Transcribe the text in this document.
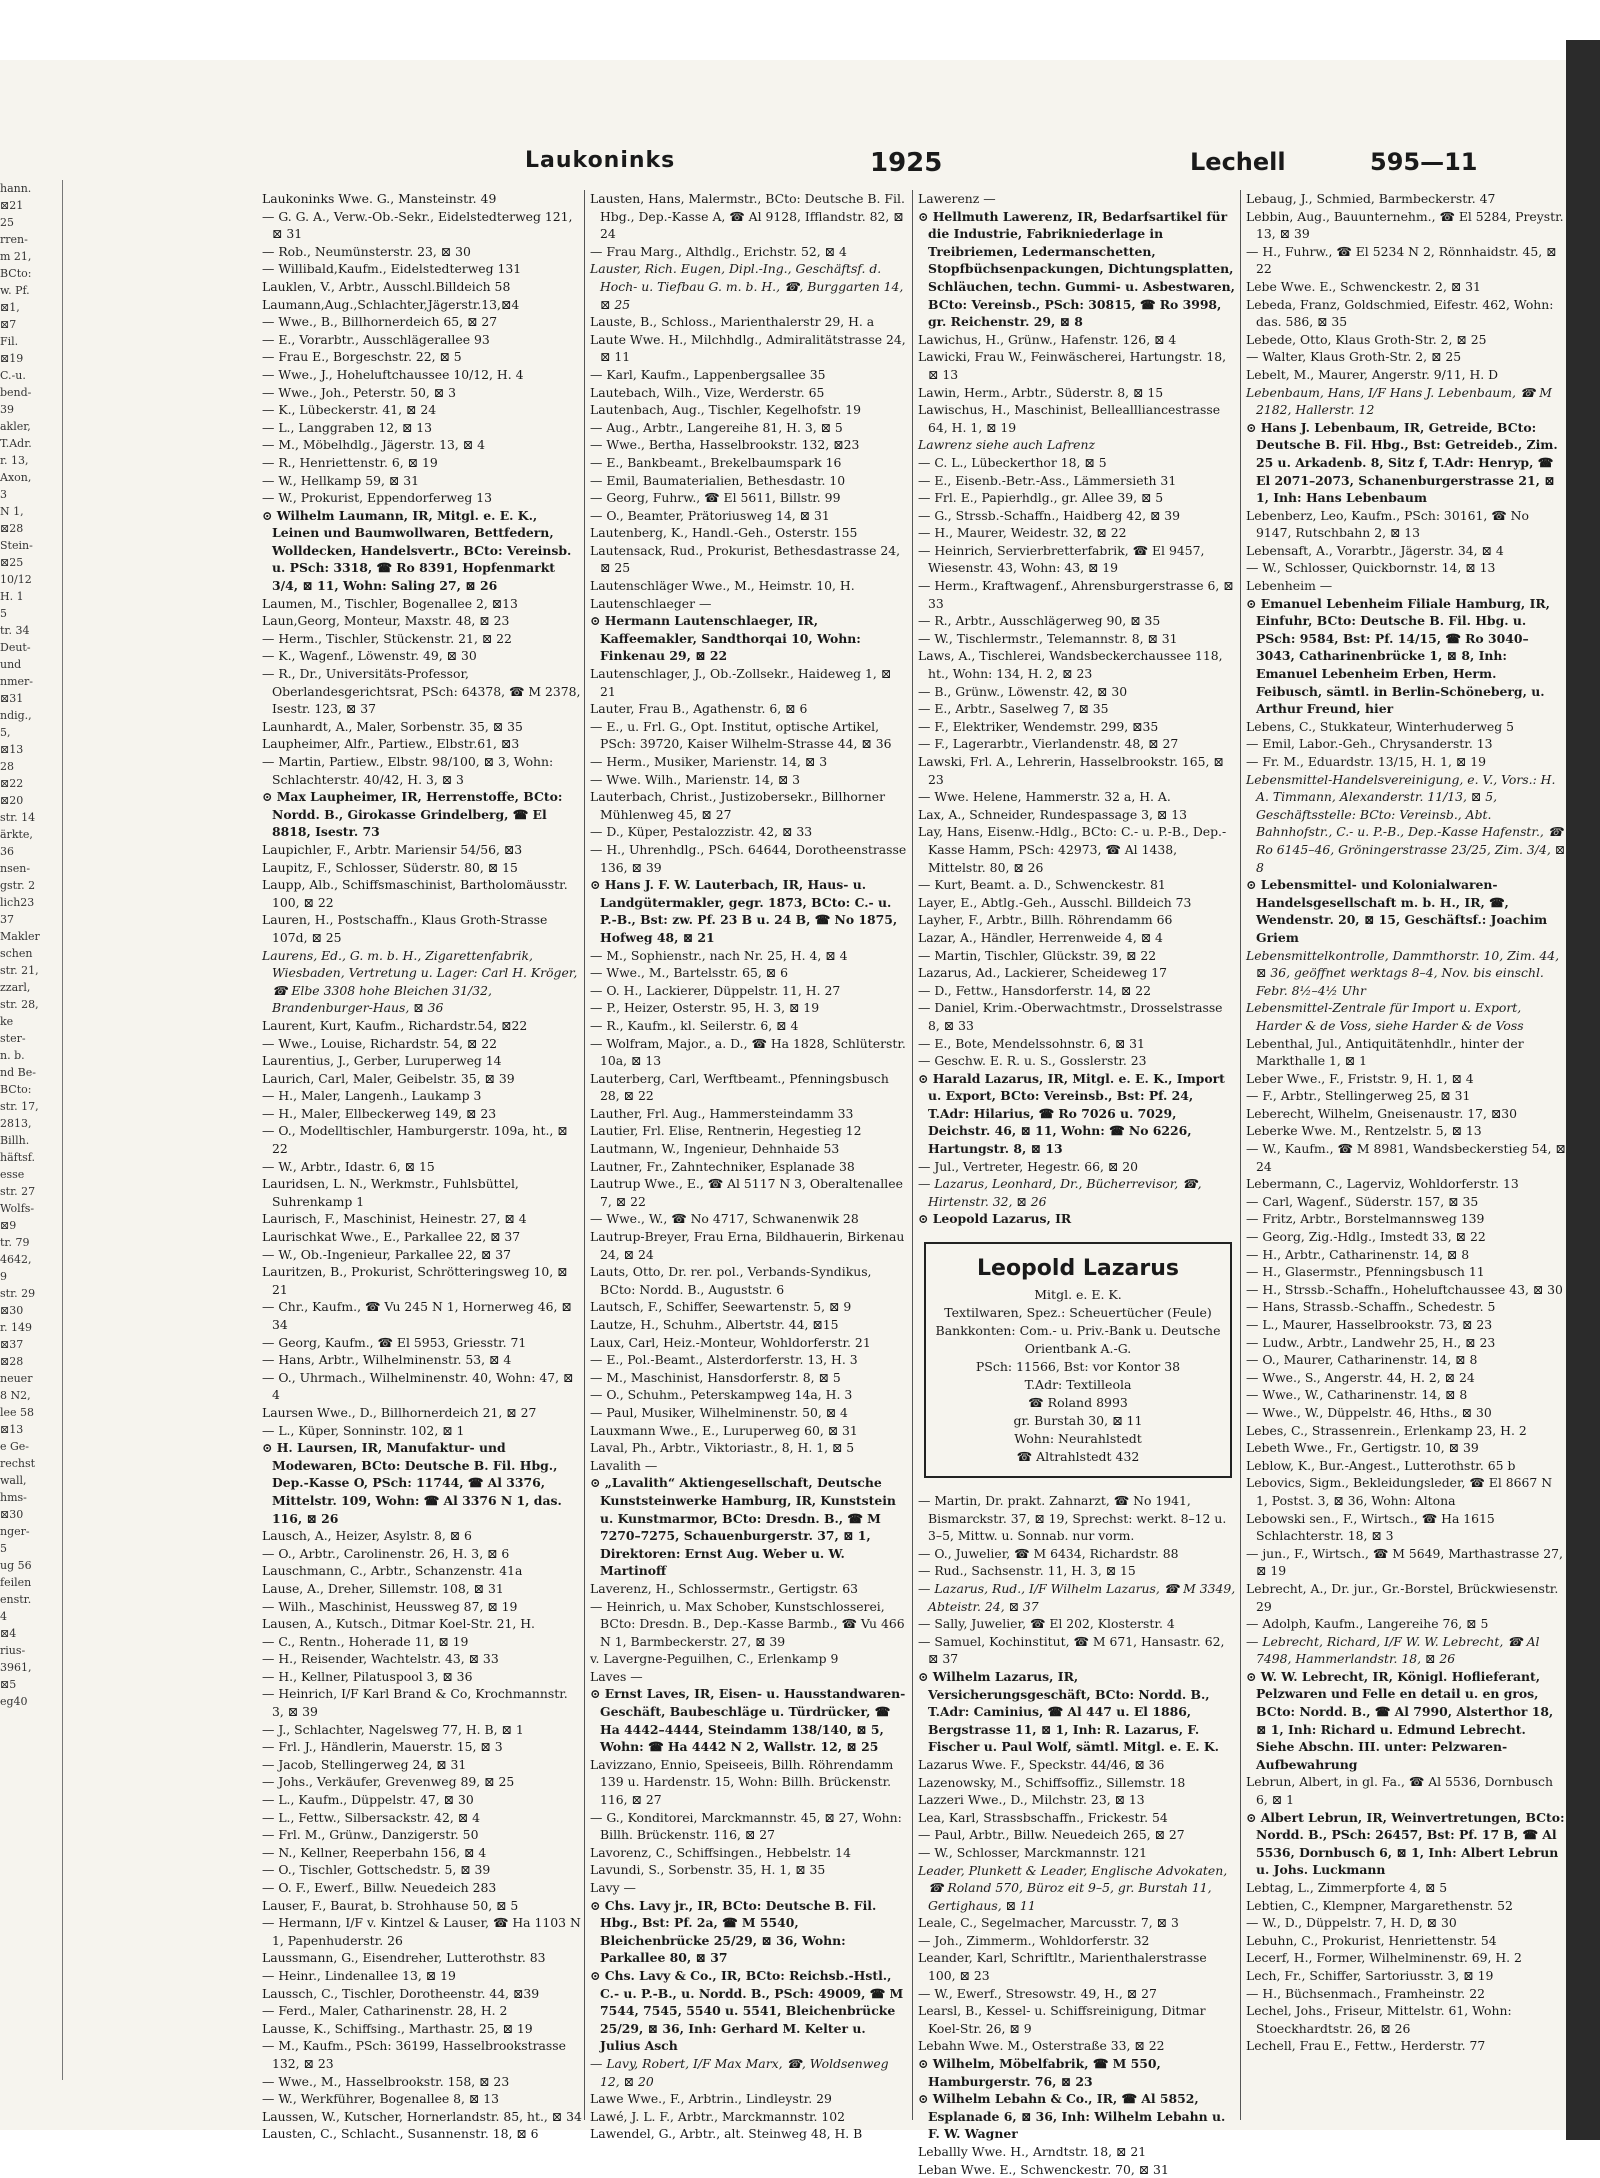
hann.
⊠21
25
rren-
m 21,
BCto:
w. Pf.
⊠1,
⊠7
Fil.
⊠19
C.-u.
bend-
39
akler,
T.Adr.
r. 13,
Axon,
3
N 1,
⊠28
Stein-
⊠25
10/12
H. 1
5
tr. 34
Deut-
und
nmer-
⊠31
ndig.,
5,
⊠13
28
⊠22
⊠20
str. 14
ärkte,
36
nsen-
gstr. 2
lich23
37
Makler
schen
str. 21,
zzarl,
str. 28,
ke
ster-
n. b.
nd Be-
BCto:
str. 17,
2813,
Billh.
häftsf.
esse
str. 27
Wolfs-
⊠9
tr. 79
4642,
9
str. 29
⊠30
r. 149
⊠37
⊠28
neuer
8 N2,
lee 58
⊠13
e Ge-
rechst
wall,
hms-
⊠30
nger-
5
ug 56
feilen
enstr.
4
⊠4
rius-
3961,
⊠5
eg40
Laukoninks	1925	Lechell	595—11

Laukoninks Wwe. G., Mansteinstr. 49

— G. G. A., Verw.-Ob.-Sekr., Eidelstedterweg 121, ⊠ 31

— Rob., Neumünsterstr. 23, ⊠ 30

— Willibald,Kaufm., Eidelstedterweg 131

Lauklen, V., Arbtr., Ausschl.Billdeich 58

Laumann,Aug.,Schlachter,Jägerstr.13,⊠4

— Wwe., B., Billhornerdeich 65, ⊠ 27

— E., Vorarbtr., Ausschlägerallee 93

— Frau E., Borgeschstr. 22, ⊠ 5

— Wwe., J., Hoheluftchaussee 10/12, H. 4

— Wwe., Joh., Peterstr. 50, ⊠ 3

— K., Lübeckerstr. 41, ⊠ 24

— L., Langgraben 12, ⊠ 13

— M., Möbelhdlg., Jägerstr. 13, ⊠ 4

— R., Henriettenstr. 6, ⊠ 19

— W., Hellkamp 59, ⊠ 31

— W., Prokurist, Eppendorferweg 13

⊙ Wilhelm Laumann, IR, Mitgl. e. E. K., Leinen und Baumwollwaren, Bettfedern, Wolldecken, Handelsvertr., BCto: Vereinsb. u. PSch: 3318, ☎ Ro 8391, Hopfenmarkt 3/4, ⊠ 11, Wohn: Saling 27, ⊠ 26

Laumen, M., Tischler, Bogenallee 2, ⊠13

Laun,Georg, Monteur, Maxstr. 48, ⊠ 23

— Herm., Tischler, Stückenstr. 21, ⊠ 22

— K., Wagenf., Löwenstr. 49, ⊠ 30

— R., Dr., Universitäts-Professor, Oberlandesgerichtsrat, PSch: 64378, ☎ M 2378, Isestr. 123, ⊠ 37

Launhardt, A., Maler, Sorbenstr. 35, ⊠ 35

Laupheimer, Alfr., Partiew., Elbstr.61, ⊠3

— Martin, Partiew., Elbstr. 98/100, ⊠ 3, Wohn: Schlachterstr. 40/42, H. 3, ⊠ 3

⊙ Max Laupheimer, IR, Herrenstoffe, BCto: Nordd. B., Girokasse Grindelberg, ☎ El 8818, Isestr. 73

Laupichler, F., Arbtr. Mariensir 54/56, ⊠3

Laupitz, F., Schlosser, Süderstr. 80, ⊠ 15

Laupp, Alb., Schiffsmaschinist, Bartholomäusstr. 100, ⊠ 22

Lauren, H., Postschaffn., Klaus Groth-Strasse 107d, ⊠ 25

Laurens, Ed., G. m. b. H., Zigarettenfabrik, Wiesbaden, Vertretung u. Lager: Carl H. Kröger, ☎ Elbe 3308 hohe Bleichen 31/32, Brandenburger-Haus, ⊠ 36

Laurent, Kurt, Kaufm., Richardstr.54, ⊠22

— Wwe., Louise, Richardstr. 54, ⊠ 22

Laurentius, J., Gerber, Luruperweg 14

Laurich, Carl, Maler, Geibelstr. 35, ⊠ 39

— H., Maler, Langenh., Laukamp 3

— H., Maler, Ellbeckerweg 149, ⊠ 23

— O., Modelltischler, Hamburgerstr. 109a, ht., ⊠ 22

— W., Arbtr., Idastr. 6, ⊠ 15

Lauridsen, L. N., Werkmstr., Fuhlsbüttel, Suhrenkamp 1

Laurisch, F., Maschinist, Heinestr. 27, ⊠ 4

Laurischkat Wwe., E., Parkallee 22, ⊠ 37

— W., Ob.-Ingenieur, Parkallee 22, ⊠ 37

Lauritzen, B., Prokurist, Schrötteringsweg 10, ⊠ 21

— Chr., Kaufm., ☎ Vu 245 N 1, Hornerweg 46, ⊠ 34

— Georg, Kaufm., ☎ El 5953, Griesstr. 71

— Hans, Arbtr., Wilhelminenstr. 53, ⊠ 4

— O., Uhrmach., Wilhelminenstr. 40, Wohn: 47, ⊠ 4

Laursen Wwe., D., Billhornerdeich 21, ⊠ 27

— L., Küper, Sonninstr. 102, ⊠ 1

⊙ H. Laursen, IR, Manufaktur- und Modewaren, BCto: Deutsche B. Fil. Hbg., Dep.-Kasse O, PSch: 11744, ☎ Al 3376, Mittelstr. 109, Wohn: ☎ Al 3376 N 1, das. 116, ⊠ 26

Lausch, A., Heizer, Asylstr. 8, ⊠ 6

— O., Arbtr., Carolinenstr. 26, H. 3, ⊠ 6

Lauschmann, C., Arbtr., Schanzenstr. 41a

Lause, A., Dreher, Sillemstr. 108, ⊠ 31

— Wilh., Maschinist, Heussweg 87, ⊠ 19

Lausen, A., Kutsch., Ditmar Koel-Str. 21, H.

— C., Rentn., Hoherade 11, ⊠ 19

— H., Reisender, Wachtelstr. 43, ⊠ 33

— H., Kellner, Pilatuspool 3, ⊠ 36

— Heinrich, I/F Karl Brand & Co, Krochmannstr. 3, ⊠ 39

— J., Schlachter, Nagelsweg 77, H. B, ⊠ 1

— Frl. J., Händlerin, Mauerstr. 15, ⊠ 3

— Jacob, Stellingerweg 24, ⊠ 31

— Johs., Verkäufer, Grevenweg 89, ⊠ 25

— L., Kaufm., Düppelstr. 47, ⊠ 30

— L., Fettw., Silbersackstr. 42, ⊠ 4

— Frl. M., Grünw., Danzigerstr. 50

— N., Kellner, Reeperbahn 156, ⊠ 4

— O., Tischler, Gottschedstr. 5, ⊠ 39

— O. F., Ewerf., Billw. Neuedeich 283

Lauser, F., Baurat, b. Strohhause 50, ⊠ 5

— Hermann, I/F v. Kintzel & Lauser, ☎ Ha 1103 N 1, Papenhuderstr. 26

Laussmann, G., Eisendreher, Lutterothstr. 83

— Heinr., Lindenallee 13, ⊠ 19

Laussch, C., Tischler, Dorotheenstr. 44, ⊠39

— Ferd., Maler, Catharinenstr. 28, H. 2

Lausse, K., Schiffsing., Marthastr. 25, ⊠ 19

— M., Kaufm., PSch: 36199, Hasselbrookstrasse 132, ⊠ 23

— Wwe., M., Hasselbrookstr. 158, ⊠ 23

— W., Werkführer, Bogenallee 8, ⊠ 13

Laussen, W., Kutscher, Hornerlandstr. 85, ht., ⊠ 34

Lausten, C., Schlacht., Susannenstr. 18, ⊠ 6

Lausten, Hans, Malermstr., BCto: Deutsche B. Fil. Hbg., Dep.-Kasse A, ☎ Al 9128, Ifflandstr. 82, ⊠ 24

— Frau Marg., Althdlg., Erichstr. 52, ⊠ 4

Lauster, Rich. Eugen, Dipl.-Ing., Geschäftsf. d. Hoch- u. Tiefbau G. m. b. H., ☎, Burggarten 14, ⊠ 25

Lauste, B., Schloss., Marienthalerstr 29, H. a

Laute Wwe. H., Milchhdlg., Admiralitätstrasse 24, ⊠ 11

— Karl, Kaufm., Lappenbergsallee 35

Lautebach, Wilh., Vize, Werderstr. 65

Lautenbach, Aug., Tischler, Kegelhofstr. 19

— Aug., Arbtr., Langereihe 81, H. 3, ⊠ 5

— Wwe., Bertha, Hasselbrookstr. 132, ⊠23

— E., Bankbeamt., Brekelbaumspark 16

— Emil, Baumaterialien, Bethesdastr. 10

— Georg, Fuhrw., ☎ El 5611, Billstr. 99

— O., Beamter, Prätoriusweg 14, ⊠ 31

Lautenberg, K., Handl.-Geh., Osterstr. 155

Lautensack, Rud., Prokurist, Bethesdastrasse 24, ⊠ 25

Lautenschläger Wwe., M., Heimstr. 10, H.

Lautenschlaeger —

⊙ Hermann Lautenschlaeger, IR, Kaffeemakler, Sandthorqai 10, Wohn: Finkenau 29, ⊠ 22

Lautenschlager, J., Ob.-Zollsekr., Haideweg 1, ⊠ 21

Lauter, Frau B., Agathenstr. 6, ⊠ 6

— E., u. Frl. G., Opt. Institut, optische Artikel, PSch: 39720, Kaiser Wilhelm-Strasse 44, ⊠ 36

— Herm., Musiker, Marienstr. 14, ⊠ 3

— Wwe. Wilh., Marienstr. 14, ⊠ 3

Lauterbach, Christ., Justizobersekr., Billhorner Mühlenweg 45, ⊠ 27

— D., Küper, Pestalozzistr. 42, ⊠ 33

— H., Uhrenhdlg., PSch. 64644, Dorotheenstrasse 136, ⊠ 39

⊙ Hans J. F. W. Lauterbach, IR, Haus- u. Landgütermakler, gegr. 1873, BCto: C.- u. P.-B., Bst: zw. Pf. 23 B u. 24 B, ☎ No 1875, Hofweg 48, ⊠ 21

— M., Sophienstr., nach Nr. 25, H. 4, ⊠ 4

— Wwe., M., Bartelsstr. 65, ⊠ 6

— O. H., Lackierer, Düppelstr. 11, H. 27

— P., Heizer, Osterstr. 95, H. 3, ⊠ 19

— R., Kaufm., kl. Seilerstr. 6, ⊠ 4

— Wolfram, Major., a. D., ☎ Ha 1828, Schlüterstr. 10a, ⊠ 13

Lauterberg, Carl, Werftbeamt., Pfenningsbusch 28, ⊠ 22

Lauther, Frl. Aug., Hammersteindamm 33

Lautier, Frl. Elise, Rentnerin, Hegestieg 12

Lautmann, W., Ingenieur, Dehnhaide 53

Lautner, Fr., Zahntechniker, Esplanade 38

Lautrup Wwe., E., ☎ Al 5117 N 3, Oberaltenallee 7, ⊠ 22

— Wwe., W., ☎ No 4717, Schwanenwik 28

Lautrup-Breyer, Frau Erna, Bildhauerin, Birkenau 24, ⊠ 24

Lauts, Otto, Dr. rer. pol., Verbands-Syndikus, BCto: Nordd. B., Auguststr. 6

Lautsch, F., Schiffer, Seewartenstr. 5, ⊠ 9

Lautze, H., Schuhm., Albertstr. 44, ⊠15

Laux, Carl, Heiz.-Monteur, Wohldorferstr. 21

— E., Pol.-Beamt., Alsterdorferstr. 13, H. 3

— M., Maschinist, Hansdorferstr. 8, ⊠ 5

— O., Schuhm., Peterskampweg 14a, H. 3

— Paul, Musiker, Wilhelminenstr. 50, ⊠ 4

Lauxmann Wwe., E., Luruperweg 60, ⊠ 31

Laval, Ph., Arbtr., Viktoriastr., 8, H. 1, ⊠ 5

Lavalith —

⊙ „Lavalith“ Aktiengesellschaft, Deutsche Kunststeinwerke Hamburg, IR, Kunststein u. Kunstmarmor, BCto: Dresdn. B., ☎ M 7270–7275, Schauenburgerstr. 37, ⊠ 1, Direktoren: Ernst Aug. Weber u. W. Martinoff

Laverenz, H., Schlossermstr., Gertigstr. 63

— Heinrich, u. Max Schober, Kunstschlosserei, BCto: Dresdn. B., Dep.-Kasse Barmb., ☎ Vu 466 N 1, Barmbeckerstr. 27, ⊠ 39

v. Lavergne-Peguilhen, C., Erlenkamp 9

Laves —

⊙ Ernst Laves, IR, Eisen- u. Hausstandwaren-Geschäft, Baubeschläge u. Türdrücker, ☎ Ha 4442–4444, Steindamm 138/140, ⊠ 5, Wohn: ☎ Ha 4442 N 2, Wallstr. 12, ⊠ 25

Lavizzano, Ennio, Speiseeis, Billh. Röhrendamm 139 u. Hardenstr. 15, Wohn: Billh. Brückenstr. 116, ⊠ 27

— G., Konditorei, Marckmannstr. 45, ⊠ 27, Wohn: Billh. Brückenstr. 116, ⊠ 27

Lavorenz, C., Schiffsingen., Hebbelstr. 14

Lavundi, S., Sorbenstr. 35, H. 1, ⊠ 35

Lavy —

⊙ Chs. Lavy jr., IR, BCto: Deutsche B. Fil. Hbg., Bst: Pf. 2a, ☎ M 5540, Bleichenbrücke 25/29, ⊠ 36, Wohn: Parkallee 80, ⊠ 37

⊙ Chs. Lavy & Co., IR, BCto: Reichsb.-Hstl., C.- u. P.-B., u. Nordd. B., PSch: 49009, ☎ M 7544, 7545, 5540 u. 5541, Bleichenbrücke 25/29, ⊠ 36, Inh: Gerhard M. Kelter u. Julius Asch

— Lavy, Robert, I/F Max Marx, ☎, Woldsenweg 12, ⊠ 20

Lawe Wwe., F., Arbtrin., Lindleystr. 29

Lawé, J. L. F., Arbtr., Marckmannstr. 102

Lawendel, G., Arbtr., alt. Steinweg 48, H. B

Lawerenz —

⊙ Hellmuth Lawerenz, IR, Bedarfsartikel für die Industrie, Fabrikniederlage in Treibriemen, Ledermanschetten, Stopfbüchsenpackungen, Dichtungsplatten, Schläuchen, techn. Gummi- u. Asbestwaren, BCto: Vereinsb., PSch: 30815, ☎ Ro 3998, gr. Reichenstr. 29, ⊠ 8

Lawichus, H., Grünw., Hafenstr. 126, ⊠ 4

Lawicki, Frau W., Feinwäscherei, Hartungstr. 18, ⊠ 13

Lawin, Herm., Arbtr., Süderstr. 8, ⊠ 15

Lawischus, H., Maschinist, Belleallliancestrasse 64, H. 1, ⊠ 19

Lawrenz siehe auch Lafrenz

— C. L., Lübeckerthor 18, ⊠ 5

— E., Eisenb.-Betr.-Ass., Lämmersieth 31

— Frl. E., Papierhdlg., gr. Allee 39, ⊠ 5

— G., Strssb.-Schaffn., Haidberg 42, ⊠ 39

— H., Maurer, Weidestr. 32, ⊠ 22

— Heinrich, Servierbretterfabrik, ☎ El 9457, Wiesenstr. 43, Wohn: 43, ⊠ 19

— Herm., Kraftwagenf., Ahrensburgerstrasse 6, ⊠ 33

— R., Arbtr., Ausschlägerweg 90, ⊠ 35

— W., Tischlermstr., Telemannstr. 8, ⊠ 31

Laws, A., Tischlerei, Wandsbeckerchaussee 118, ht., Wohn: 134, H. 2, ⊠ 23

— B., Grünw., Löwenstr. 42, ⊠ 30

— E., Arbtr., Saselweg 7, ⊠ 35

— F., Elektriker, Wendemstr. 299, ⊠35

— F., Lagerarbtr., Vierlandenstr. 48, ⊠ 27

Lawski, Frl. A., Lehrerin, Hasselbrookstr. 165, ⊠ 23

— Wwe. Helene, Hammerstr. 32 a, H. A.

Lax, A., Schneider, Rundespassage 3, ⊠ 13

Lay, Hans, Eisenw.-Hdlg., BCto: C.- u. P.-B., Dep.-Kasse Hamm, PSch: 42973, ☎ Al 1438, Mittelstr. 80, ⊠ 26

— Kurt, Beamt. a. D., Schwenckestr. 81

Layer, E., Abtlg.-Geh., Ausschl. Billdeich 73

Layher, F., Arbtr., Billh. Röhrendamm 66

Lazar, A., Händler, Herrenweide 4, ⊠ 4

— Martin, Tischler, Glückstr. 39, ⊠ 22

Lazarus, Ad., Lackierer, Scheideweg 17

— D., Fettw., Hansdorferstr. 14, ⊠ 22

— Daniel, Krim.-Oberwachtmstr., Drosselstrasse 8, ⊠ 33

— E., Bote, Mendelssohnstr. 6, ⊠ 31

— Geschw. E. R. u. S., Gosslerstr. 23

⊙ Harald Lazarus, IR, Mitgl. e. E. K., Import u. Export, BCto: Vereinsb., Bst: Pf. 24, T.Adr: Hilarius, ☎ Ro 7026 u. 7029, Deichstr. 46, ⊠ 11, Wohn: ☎ No 6226, Hartungstr. 8, ⊠ 13

— Jul., Vertreter, Hegestr. 66, ⊠ 20

— Lazarus, Leonhard, Dr., Bücherrevisor, ☎, Hirtenstr. 32, ⊠ 26

⊙ Leopold Lazarus, IR

Leopold Lazarus
Mitgl. e. E. K.
Textilwaren, Spez.: Scheuertücher (Feule)
Bankkonten: Com.- u. Priv.-Bank u. Deutsche Orientbank A.-G.
PSch: 11566, Bst: vor Kontor 38
T.Adr: Textilleola
☎ Roland 8993
gr. Burstah 30, ⊠ 11
Wohn: Neurahlstedt
☎ Altrahlstedt 432

— Martin, Dr. prakt. Zahnarzt, ☎ No 1941, Bismarckstr. 37, ⊠ 19, Sprechst: werkt. 8–12 u. 3–5, Mittw. u. Sonnab. nur vorm.

— O., Juwelier, ☎ M 6434, Richardstr. 88

— Rud., Sachsenstr. 11, H. 3, ⊠ 15

— Lazarus, Rud., I/F Wilhelm Lazarus, ☎ M 3349, Abteistr. 24, ⊠ 37

— Sally, Juwelier, ☎ El 202, Klosterstr. 4

— Samuel, Kochinstitut, ☎ M 671, Hansastr. 62, ⊠ 37

⊙ Wilhelm Lazarus, IR, Versicherungsgeschäft, BCto: Nordd. B., T.Adr: Caminius, ☎ Al 447 u. El 1886, Bergstrasse 11, ⊠ 1, Inh: R. Lazarus, F. Fischer u. Paul Wolf, sämtl. Mitgl. e. E. K.

Lazarus Wwe. F., Speckstr. 44/46, ⊠ 36

Lazenowsky, M., Schiffsoffiz., Sillemstr. 18

Lazzeri Wwe., D., Milchstr. 23, ⊠ 13

Lea, Karl, Strassbschaffn., Frickestr. 54

— Paul, Arbtr., Billw. Neuedeich 265, ⊠ 27

— W., Schlosser, Marckmannstr. 121

Leader, Plunkett & Leader, Englische Advokaten, ☎ Roland 570, Büroz eit 9–5, gr. Burstah 11, Gertighaus, ⊠ 11

Leale, C., Segelmacher, Marcusstr. 7, ⊠ 3

— Joh., Zimmerm., Wohldorferstr. 32

Leander, Karl, Schriftltr., Marienthalerstrasse 100, ⊠ 23

— W., Ewerf., Stresowstr. 49, H., ⊠ 27

Learsl, B., Kessel- u. Schiffsreinigung, Ditmar Koel-Str. 26, ⊠ 9

Lebahn Wwe. M., Osterstraße 33, ⊠ 22

⊙ Wilhelm, Möbelfabrik, ☎ M 550, Hamburgerstr. 76, ⊠ 23

⊙ Wilhelm Lebahn & Co., IR, ☎ Al 5852, Esplanade 6, ⊠ 36, Inh: Wilhelm Lebahn u. F. W. Wagner

Leballly Wwe. H., Arndtstr. 18, ⊠ 21

Leban Wwe. E., Schwenckestr. 70, ⊠ 31

Lebaug, J., Schmied, Barmbeckerstr. 47

Lebbin, Aug., Bauunternehm., ☎ El 5284, Preystr. 13, ⊠ 39

— H., Fuhrw., ☎ El 5234 N 2, Rönnhaidstr. 45, ⊠ 22

Lebe Wwe. E., Schwenckestr. 2, ⊠ 31

Lebeda, Franz, Goldschmied, Eifestr. 462, Wohn: das. 586, ⊠ 35

Lebede, Otto, Klaus Groth-Str. 2, ⊠ 25

— Walter, Klaus Groth-Str. 2, ⊠ 25

Lebelt, M., Maurer, Angerstr. 9/11, H. D

Lebenbaum, Hans, I/F Hans J. Lebenbaum, ☎ M 2182, Hallerstr. 12

⊙ Hans J. Lebenbaum, IR, Getreide, BCto: Deutsche B. Fil. Hbg., Bst: Getreideb., Zim. 25 u. Arkadenb. 8, Sitz f, T.Adr: Henryp, ☎ El 2071–2073, Schanenburgerstrasse 21, ⊠ 1, Inh: Hans Lebenbaum

Lebenberz, Leo, Kaufm., PSch: 30161, ☎ No 9147, Rutschbahn 2, ⊠ 13

Lebensaft, A., Vorarbtr., Jägerstr. 34, ⊠ 4

— W., Schlosser, Quickbornstr. 14, ⊠ 13

Lebenheim —

⊙ Emanuel Lebenheim Filiale Hamburg, IR, Einfuhr, BCto: Deutsche B. Fil. Hbg. u. PSch: 9584, Bst: Pf. 14/15, ☎ Ro 3040–3043, Catharinenbrücke 1, ⊠ 8, Inh: Emanuel Lebenheim Erben, Herm. Feibusch, sämtl. in Berlin-Schöneberg, u. Arthur Freund, hier

Lebens, C., Stukkateur, Winterhuderweg 5

— Emil, Labor.-Geh., Chrysanderstr. 13

— Fr. M., Eduardstr. 13/15, H. 1, ⊠ 19

Lebensmittel-Handelsvereinigung, e. V., Vors.: H. A. Timmann, Alexanderstr. 11/13, ⊠ 5, Geschäftsstelle: BCto: Vereinsb., Abt. Bahnhofstr., C.- u. P.-B., Dep.-Kasse Hafenstr., ☎ Ro 6145–46, Gröningerstrasse 23/25, Zim. 3/4, ⊠ 8

⊙ Lebensmittel- und Kolonialwaren-Handelsgesellschaft m. b. H., IR, ☎, Wendenstr. 20, ⊠ 15, Geschäftsf.: Joachim Griem

Lebensmittelkontrolle, Dammthorstr. 10, Zim. 44, ⊠ 36, geöffnet werktags 8–4, Nov. bis einschl. Febr. 8½–4½ Uhr

Lebensmittel-Zentrale für Import u. Export, Harder & de Voss, siehe Harder & de Voss

Lebenthal, Jul., Antiquitätenhdlr., hinter der Markthalle 1, ⊠ 1

Leber Wwe., F., Friststr. 9, H. 1, ⊠ 4

— F., Arbtr., Stellingerweg 25, ⊠ 31

Leberecht, Wilhelm, Gneisenaustr. 17, ⊠30

Leberke Wwe. M., Rentzelstr. 5, ⊠ 13

— W., Kaufm., ☎ M 8981, Wandsbeckerstieg 54, ⊠ 24

Lebermann, C., Lagerviz, Wohldorferstr. 13

— Carl, Wagenf., Süderstr. 157, ⊠ 35

— Fritz, Arbtr., Borstelmannsweg 139

— Georg, Zig.-Hdlg., Imstedt 33, ⊠ 22

— H., Arbtr., Catharinenstr. 14, ⊠ 8

— H., Glasermstr., Pfenningsbusch 11

— H., Strssb.-Schaffn., Hoheluftchaussee 43, ⊠ 30

— Hans, Strassb.-Schaffn., Schedestr. 5

— L., Maurer, Hasselbrookstr. 73, ⊠ 23

— Ludw., Arbtr., Landwehr 25, H., ⊠ 23

— O., Maurer, Catharinenstr. 14, ⊠ 8

— Wwe., S., Angerstr. 44, H. 2, ⊠ 24

— Wwe., W., Catharinenstr. 14, ⊠ 8

— Wwe., W., Düppelstr. 46, Hths., ⊠ 30

Lebes, C., Strassenrein., Erlenkamp 23, H. 2

Lebeth Wwe., Fr., Gertigstr. 10, ⊠ 39

Leblow, K., Bur.-Angest., Lutterothstr. 65 b

Lebovics, Sigm., Bekleidungsleder, ☎ El 8667 N 1, Postst. 3, ⊠ 36, Wohn: Altona

Lebowski sen., F., Wirtsch., ☎ Ha 1615 Schlachterstr. 18, ⊠ 3

— jun., F., Wirtsch., ☎ M 5649, Marthastrasse 27, ⊠ 19

Lebrecht, A., Dr. jur., Gr.-Borstel, Brückwiesenstr. 29

— Adolph, Kaufm., Langereihe 76, ⊠ 5

— Lebrecht, Richard, I/F W. W. Lebrecht, ☎ Al 7498, Hammerlandstr. 18, ⊠ 26

⊙ W. W. Lebrecht, IR, Königl. Hoflieferant, Pelzwaren und Felle en detail u. en gros, BCto: Nordd. B., ☎ Al 7990, Alsterthor 18, ⊠ 1, Inh: Richard u. Edmund Lebrecht. Siehe Abschn. III. unter: Pelzwaren-Aufbewahrung

Lebrun, Albert, in gl. Fa., ☎ Al 5536, Dornbusch 6, ⊠ 1

⊙ Albert Lebrun, IR, Weinvertretungen, BCto: Nordd. B., PSch: 26457, Bst: Pf. 17 B, ☎ Al 5536, Dornbusch 6, ⊠ 1, Inh: Albert Lebrun u. Johs. Luckmann

Lebtag, L., Zimmerpforte 4, ⊠ 5

Lebtien, C., Klempner, Margarethenstr. 52

— W., D., Düppelstr. 7, H. D, ⊠ 30

Lebuhn, C., Prokurist, Henriettenstr. 54

Lecerf, H., Former, Wilhelminenstr. 69, H. 2

Lech, Fr., Schiffer, Sartoriusstr. 3, ⊠ 19

— H., Büchsenmach., Framheinstr. 22

Lechel, Johs., Friseur, Mittelstr. 61, Wohn: Stoeckhardtstr. 26, ⊠ 26

Lechell, Frau E., Fettw., Herderstr. 77
